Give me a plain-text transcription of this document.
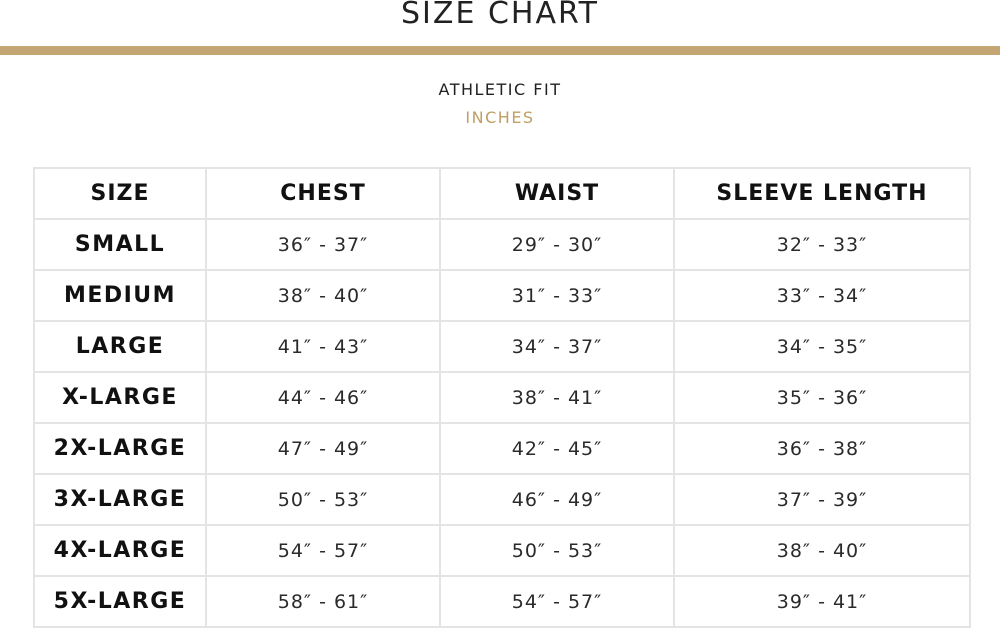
SIZE CHART
ATHLETIC FIT
INCHES
SIZE	CHEST	WAIST	SLEEVE LENGTH
SMALL	36″ - 37″	29″ - 30″	32″ - 33″
MEDIUM	38″ - 40″	31″ - 33″	33″ - 34″
LARGE	41″ - 43″	34″ - 37″	34″ - 35″
X-LARGE	44″ - 46″	38″ - 41″	35″ - 36″
2X-LARGE	47″ - 49″	42″ - 45″	36″ - 38″
3X-LARGE	50″ - 53″	46″ - 49″	37″ - 39″
4X-LARGE	54″ - 57″	50″ - 53″	38″ - 40″
5X-LARGE	58″ - 61″	54″ - 57″	39″ - 41″
